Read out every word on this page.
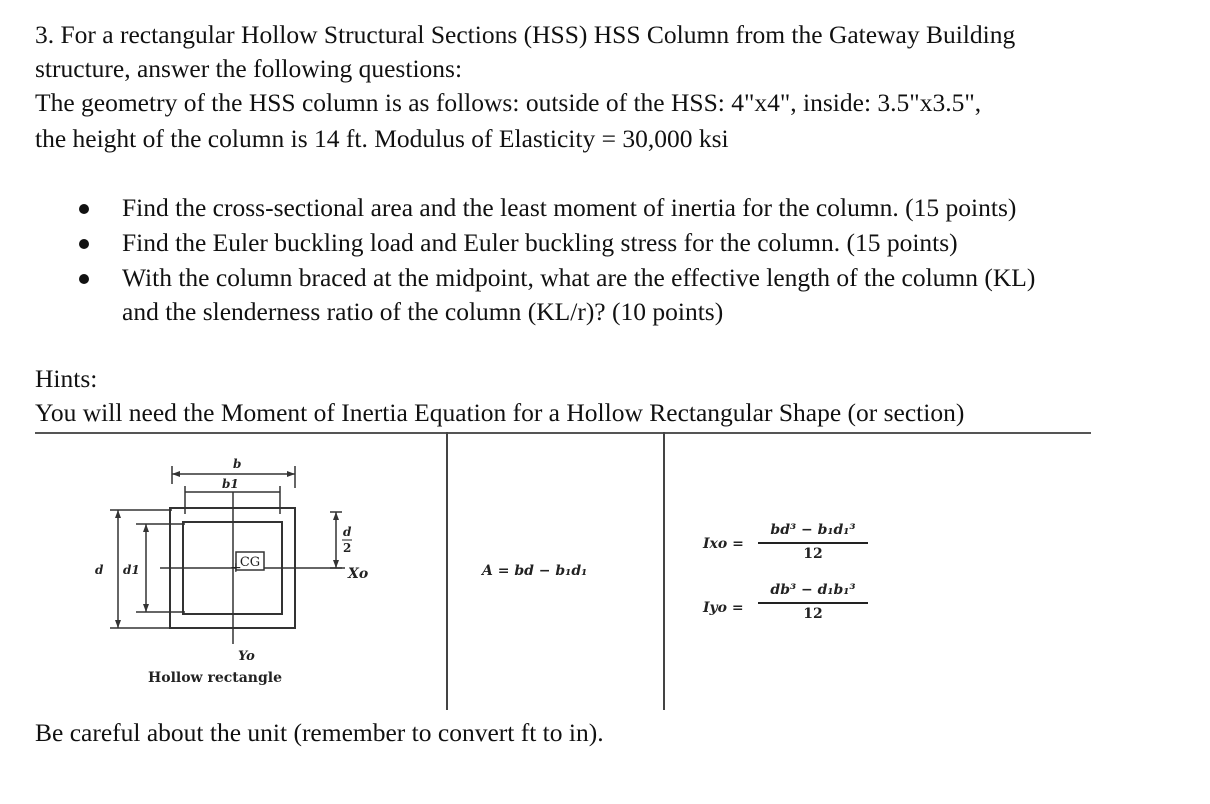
3. For a rectangular Hollow Structural Sections (HSS) HSS Column from the Gateway Building
structure, answer the following questions:
The geometry of the HSS column is as follows: outside of the HSS: 4"x4", inside: 3.5"x3.5",
the height of the column is 14 ft. Modulus of Elasticity = 30,000 ksi
Find the cross-sectional area and the least moment of inertia for the column. (15 points)
Find the Euler buckling load and Euler buckling stress for the column. (15 points)
With the column braced at the midpoint, what are the effective length of the column (KL)
and the slenderness ratio of the column (KL/r)? (10 points)
Hints:
You will need the Moment of Inertia Equation for a Hollow Rectangular Shape (or section)
CG
+
b
b1
d d1
d
2
Xo
Yo
Hollow rectangle
A = bd − b₁d₁
Ixo =
bd³ − b₁d₁³
12
Iyo =
db³ − d₁b₁³
12
Be careful about the unit (remember to convert ft to in).
